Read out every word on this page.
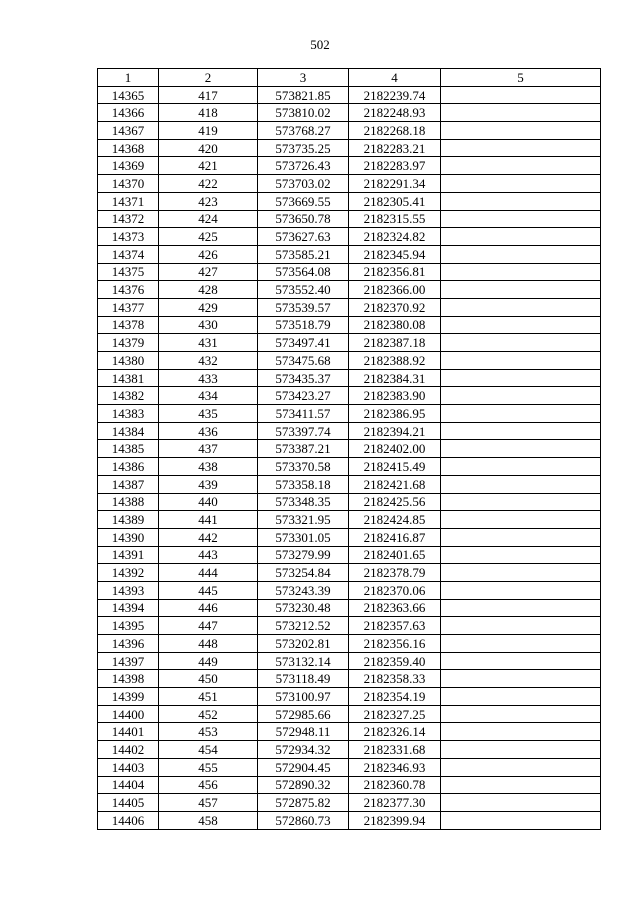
502
1	2	3	4	5
14365	417	573821.85	2182239.74	
14366	418	573810.02	2182248.93	
14367	419	573768.27	2182268.18	
14368	420	573735.25	2182283.21	
14369	421	573726.43	2182283.97	
14370	422	573703.02	2182291.34	
14371	423	573669.55	2182305.41	
14372	424	573650.78	2182315.55	
14373	425	573627.63	2182324.82	
14374	426	573585.21	2182345.94	
14375	427	573564.08	2182356.81	
14376	428	573552.40	2182366.00	
14377	429	573539.57	2182370.92	
14378	430	573518.79	2182380.08	
14379	431	573497.41	2182387.18	
14380	432	573475.68	2182388.92	
14381	433	573435.37	2182384.31	
14382	434	573423.27	2182383.90	
14383	435	573411.57	2182386.95	
14384	436	573397.74	2182394.21	
14385	437	573387.21	2182402.00	
14386	438	573370.58	2182415.49	
14387	439	573358.18	2182421.68	
14388	440	573348.35	2182425.56	
14389	441	573321.95	2182424.85	
14390	442	573301.05	2182416.87	
14391	443	573279.99	2182401.65	
14392	444	573254.84	2182378.79	
14393	445	573243.39	2182370.06	
14394	446	573230.48	2182363.66	
14395	447	573212.52	2182357.63	
14396	448	573202.81	2182356.16	
14397	449	573132.14	2182359.40	
14398	450	573118.49	2182358.33	
14399	451	573100.97	2182354.19	
14400	452	572985.66	2182327.25	
14401	453	572948.11	2182326.14	
14402	454	572934.32	2182331.68	
14403	455	572904.45	2182346.93	
14404	456	572890.32	2182360.78	
14405	457	572875.82	2182377.30	
14406	458	572860.73	2182399.94	
